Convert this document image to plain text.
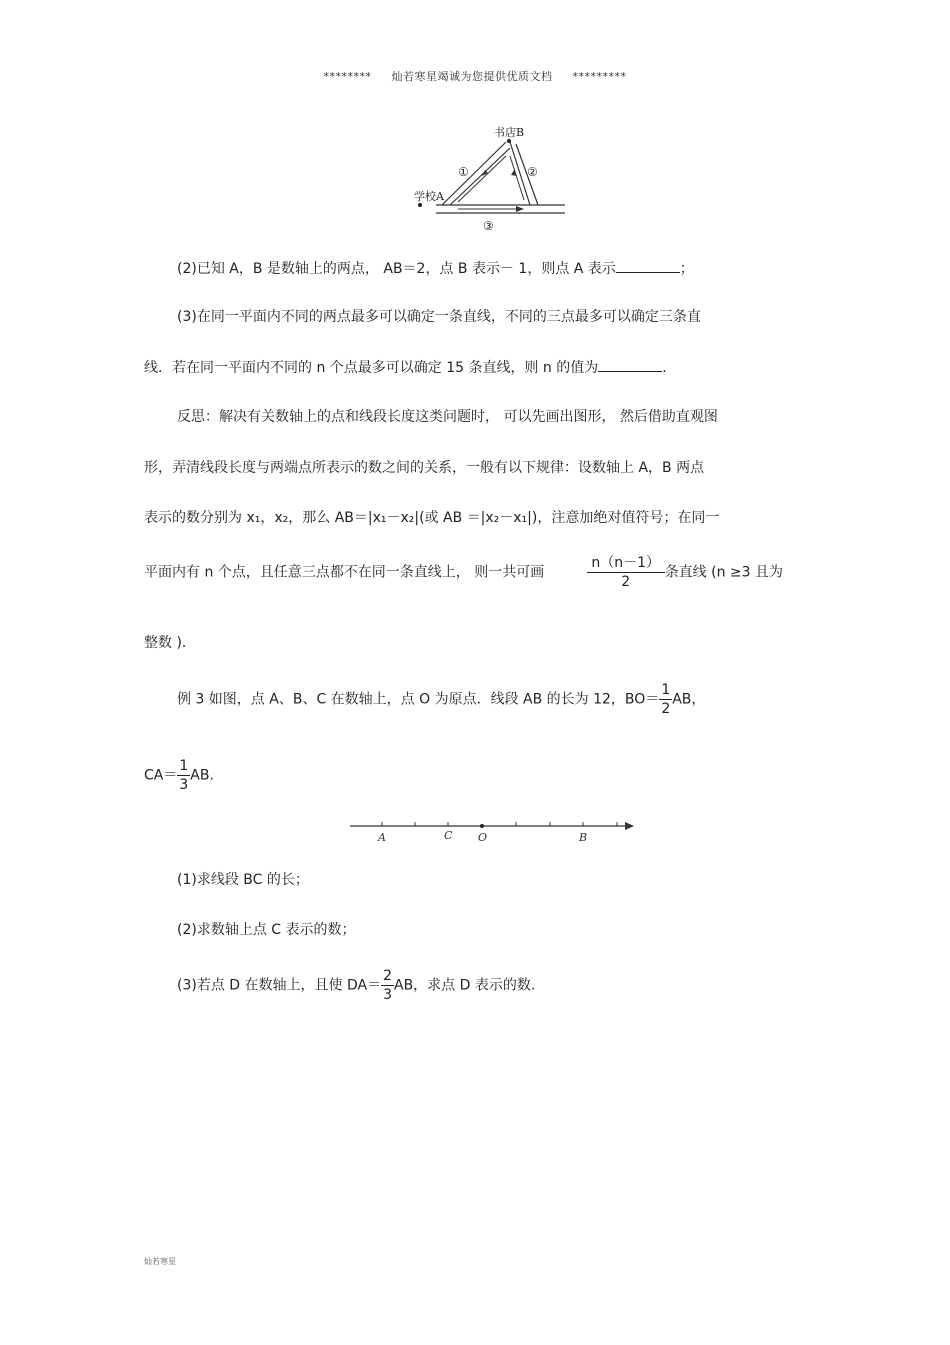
******** 灿若寒星竭诚为您提供优质文档 *********
书店B
学校A
①	②
③
(2)已知 A，B 是数轴上的两点， AB＝2，点 B 表示－ 1，则点 A 表示	；
(3)在同一平面内不同的两点最多可以确定一条直线，不同的三点最多可以确定三条直
线．若在同一平面内不同的 n 个点最多可以确定 15 条直线，则 n 的值为	．
反思：解决有关数轴上的点和线段长度这类问题时， 可以先画出图形， 然后借助直观图
形，弄清线段长度与两端点所表示的数之间的关系，一般有以下规律：设数轴上 A，B 两点
表示的数分别为 x₁，x₂，那么 AB＝|x₁－x₂|(或 AB ＝|x₂－x₁|)，注意加绝对值符号；在同一
平面内有 n 个点，且任意三点都不在同一条直线上， 则一共可画	$\frac{n(n-1)}{2}$ 条直线 (n ≥3 且为
整数 )．
例 3 如图，点 A、B、C 在数轴上，点 O 为原点．线段 AB 的长为 12，$BO= \frac{1}{2}$ AB，
$CA= \frac{1}{3}$ AB.
A	C O	B
(1)求线段 BC 的长；
(2)求数轴上点 C 表示的数；
(3)若点 D 在数轴上，且使 $DA= \frac{2}{3}$ AB，求点 D 表示的数.
灿若寒星
